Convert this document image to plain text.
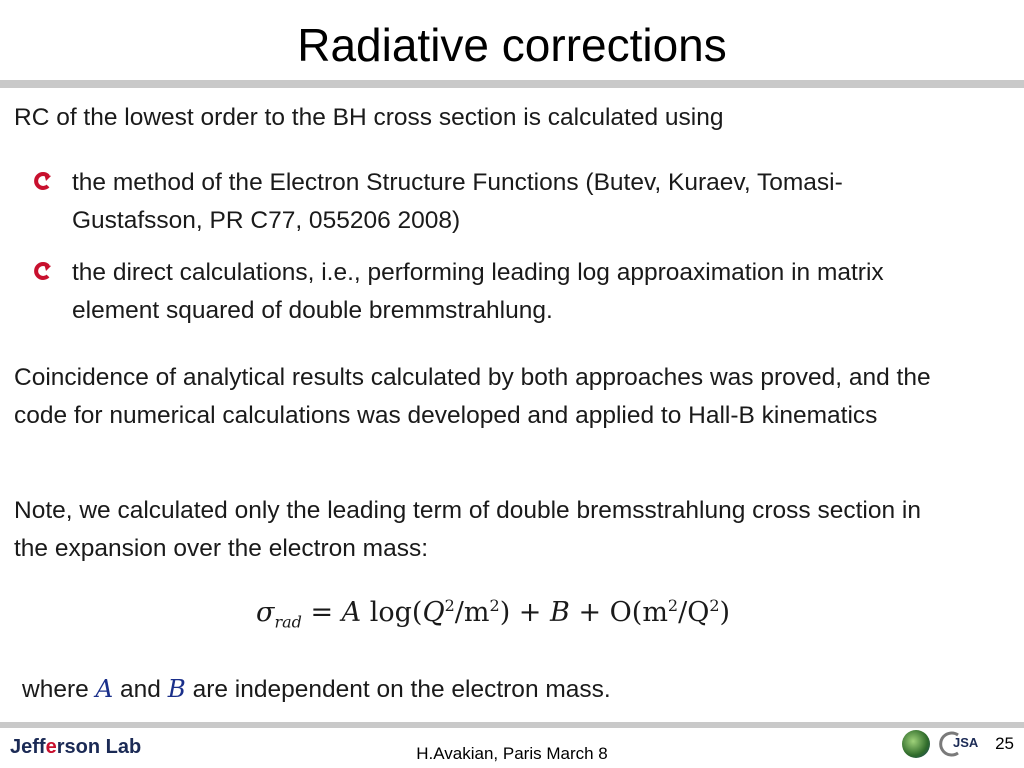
Radiative corrections

RC of the lowest order to the BH cross section is calculated using

the method of the Electron Structure Functions (Butev, Kuraev, Tomasi-Gustafsson, PR C77, 055206 2008)
the direct calculations, i.e., performing leading log approaximation in matrix element squared of double bremmstrahlung.

Coincidence of analytical results calculated by both approaches was proved, and the code for numerical calculations was developed and applied to Hall-B kinematics

Note, we calculated only the leading term of double bremsstrahlung cross section in the expansion over the electron mass:

$\sigma_{rad} = A$ $\log(Q^2/m^2) + B + O(m^2/Q^2)$
where A and B are independent on the electron mass.
Jefferson Lab	H.Avakian, Paris March 8
JSA 25
